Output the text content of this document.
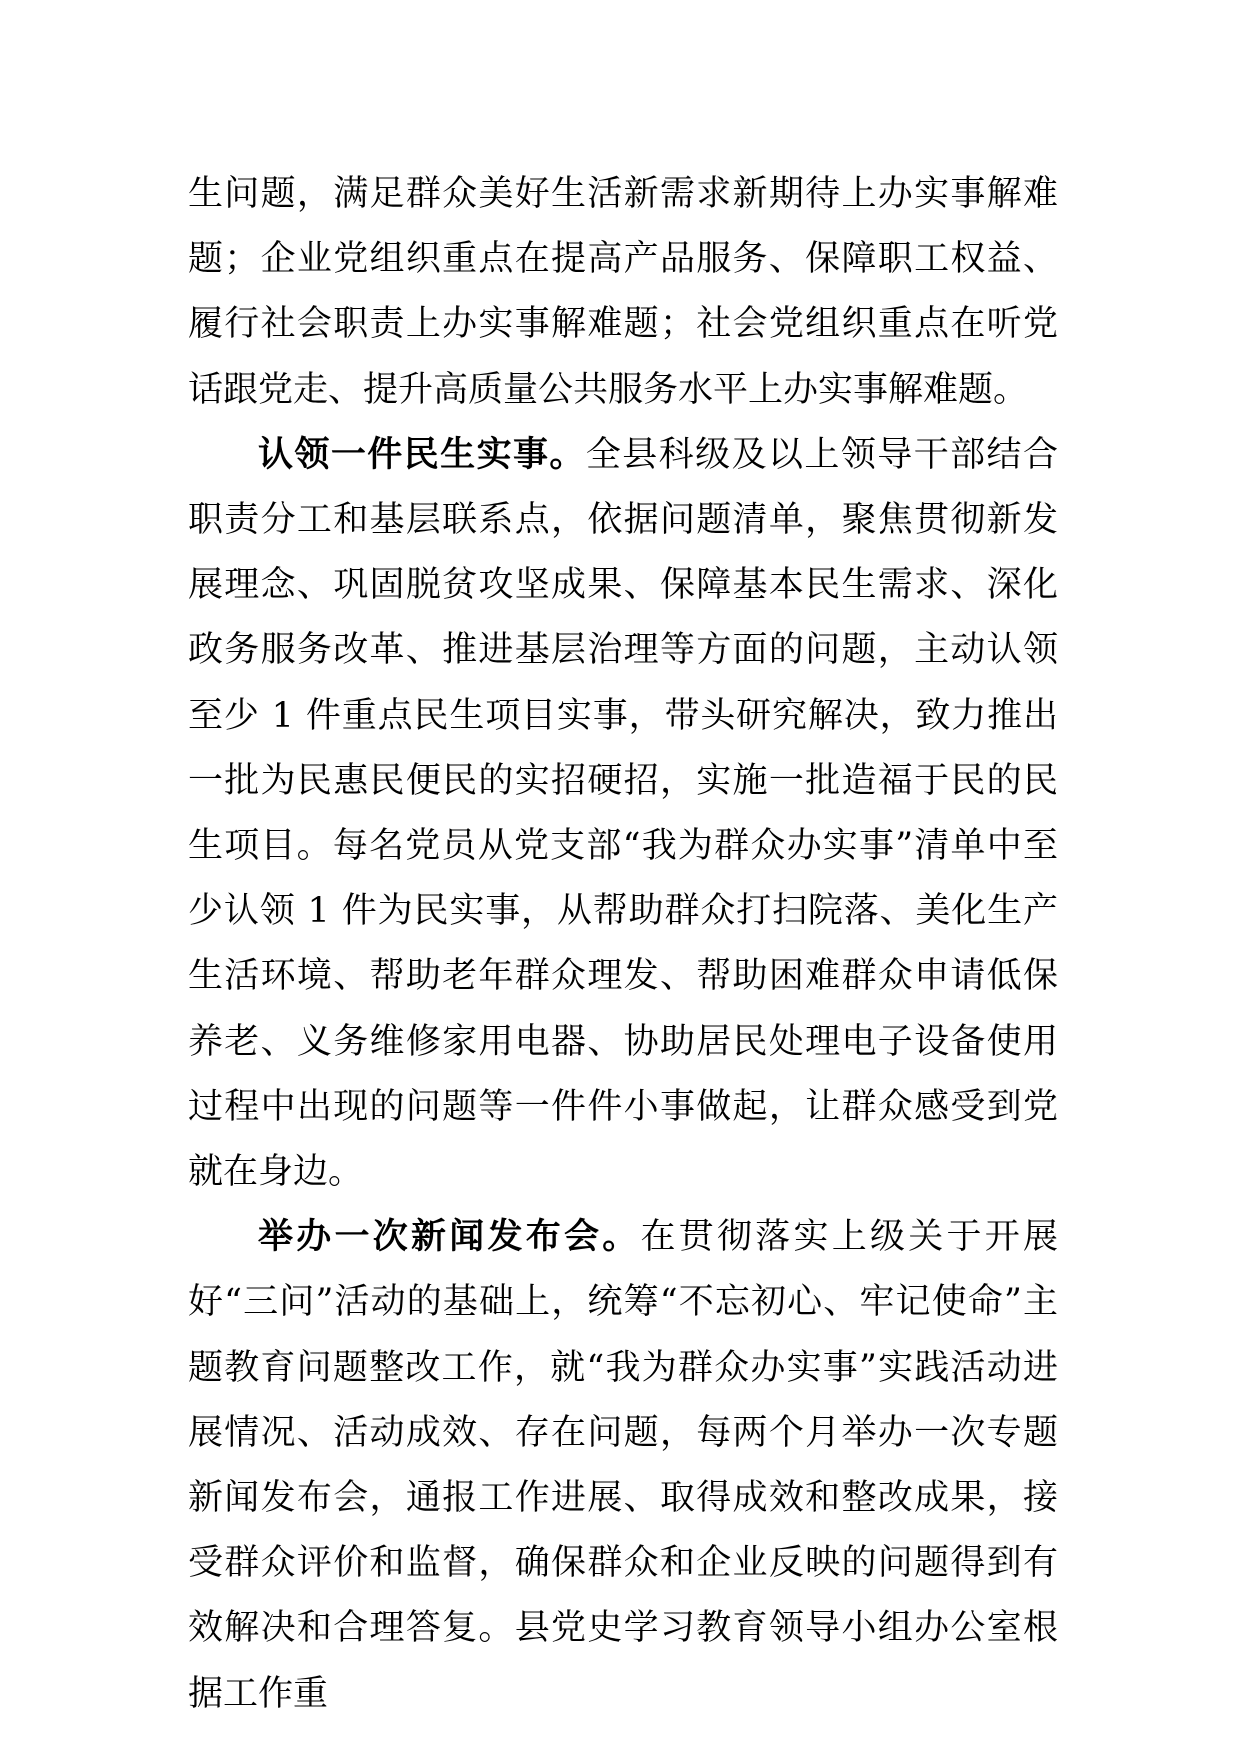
生问题，满足群众美好生活新需求新期待上办实事解难题；企业党组织重点在提高产品服务、保障职工权益、履行社会职责上办实事解难题；社会党组织重点在听党话跟党走、提升高质量公共服务水平上办实事解难题。

认领一件民生实事。全县科级及以上领导干部结合职责分工和基层联系点，依据问题清单，聚焦贯彻新发展理念、巩固脱贫攻坚成果、保障基本民生需求、深化政务服务改革、推进基层治理等方面的问题，主动认领至少 1 件重点民生项目实事，带头研究解决，致力推出一批为民惠民便民的实招硬招，实施一批造福于民的民生项目。每名党员从党支部“我为群众办实事”清单中至少认领 1 件为民实事，从帮助群众打扫院落、美化生产生活环境、帮助老年群众理发、帮助困难群众申请低保养老、义务维修家用电器、协助居民处理电子设备使用过程中出现的问题等一件件小事做起，让群众感受到党就在身边。

举办一次新闻发布会。在贯彻落实上级关于开展好“三问”活动的基础上，统筹“不忘初心、牢记使命”主题教育问题整改工作，就“我为群众办实事”实践活动进展情况、活动成效、存在问题，每两个月举办一次专题新闻发布会，通报工作进展、取得成效和整改成果，接受群众评价和监督，确保群众和企业反映的问题得到有效解决和合理答复。县党史学习教育领导小组办公室根据工作重
